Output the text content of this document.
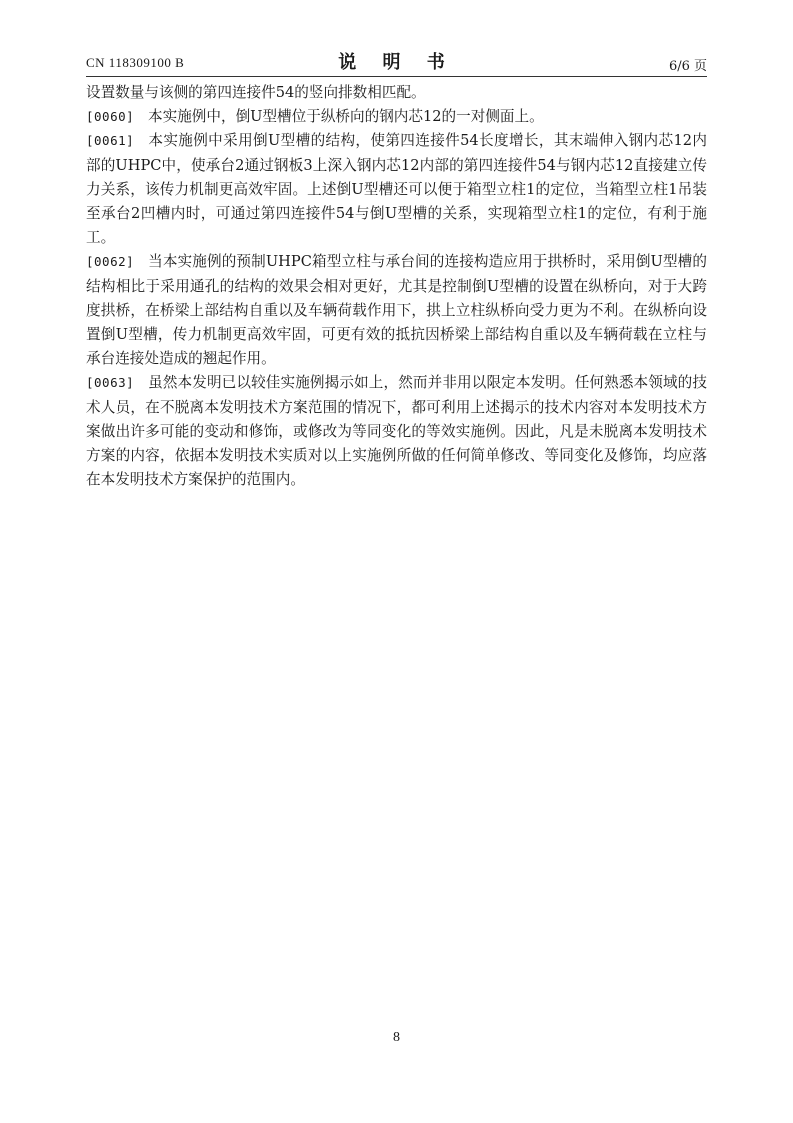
CN 118309100 B	说 明 书	6/6 页

设置数量与该侧的第四连接件54的竖向排数相匹配。

[0060] 本实施例中，倒U型槽位于纵桥向的钢内芯12的一对侧面上。

[0061] 本实施例中采用倒U型槽的结构，使第四连接件54长度增长，其末端伸入钢内芯12内部的UHPC中，使承台2通过钢板3上深入钢内芯12内部的第四连接件54与钢内芯12直接建立传力关系，该传力机制更高效牢固。上述倒U型槽还可以便于箱型立柱1的定位，当箱型立柱1吊装至承台2凹槽内时，可通过第四连接件54与倒U型槽的关系，实现箱型立柱1的定位，有利于施工。

[0062] 当本实施例的预制UHPC箱型立柱与承台间的连接构造应用于拱桥时，采用倒U型槽的结构相比于采用通孔的结构的效果会相对更好，尤其是控制倒U型槽的设置在纵桥向，对于大跨度拱桥，在桥梁上部结构自重以及车辆荷载作用下，拱上立柱纵桥向受力更为不利。在纵桥向设置倒U型槽，传力机制更高效牢固，可更有效的抵抗因桥梁上部结构自重以及车辆荷载在立柱与承台连接处造成的翘起作用。

[0063] 虽然本发明已以较佳实施例揭示如上，然而并非用以限定本发明。任何熟悉本领域的技术人员，在不脱离本发明技术方案范围的情况下，都可利用上述揭示的技术内容对本发明技术方案做出许多可能的变动和修饰，或修改为等同变化的等效实施例。因此，凡是未脱离本发明技术方案的内容，依据本发明技术实质对以上实施例所做的任何简单修改、等同变化及修饰，均应落在本发明技术方案保护的范围内。

8
